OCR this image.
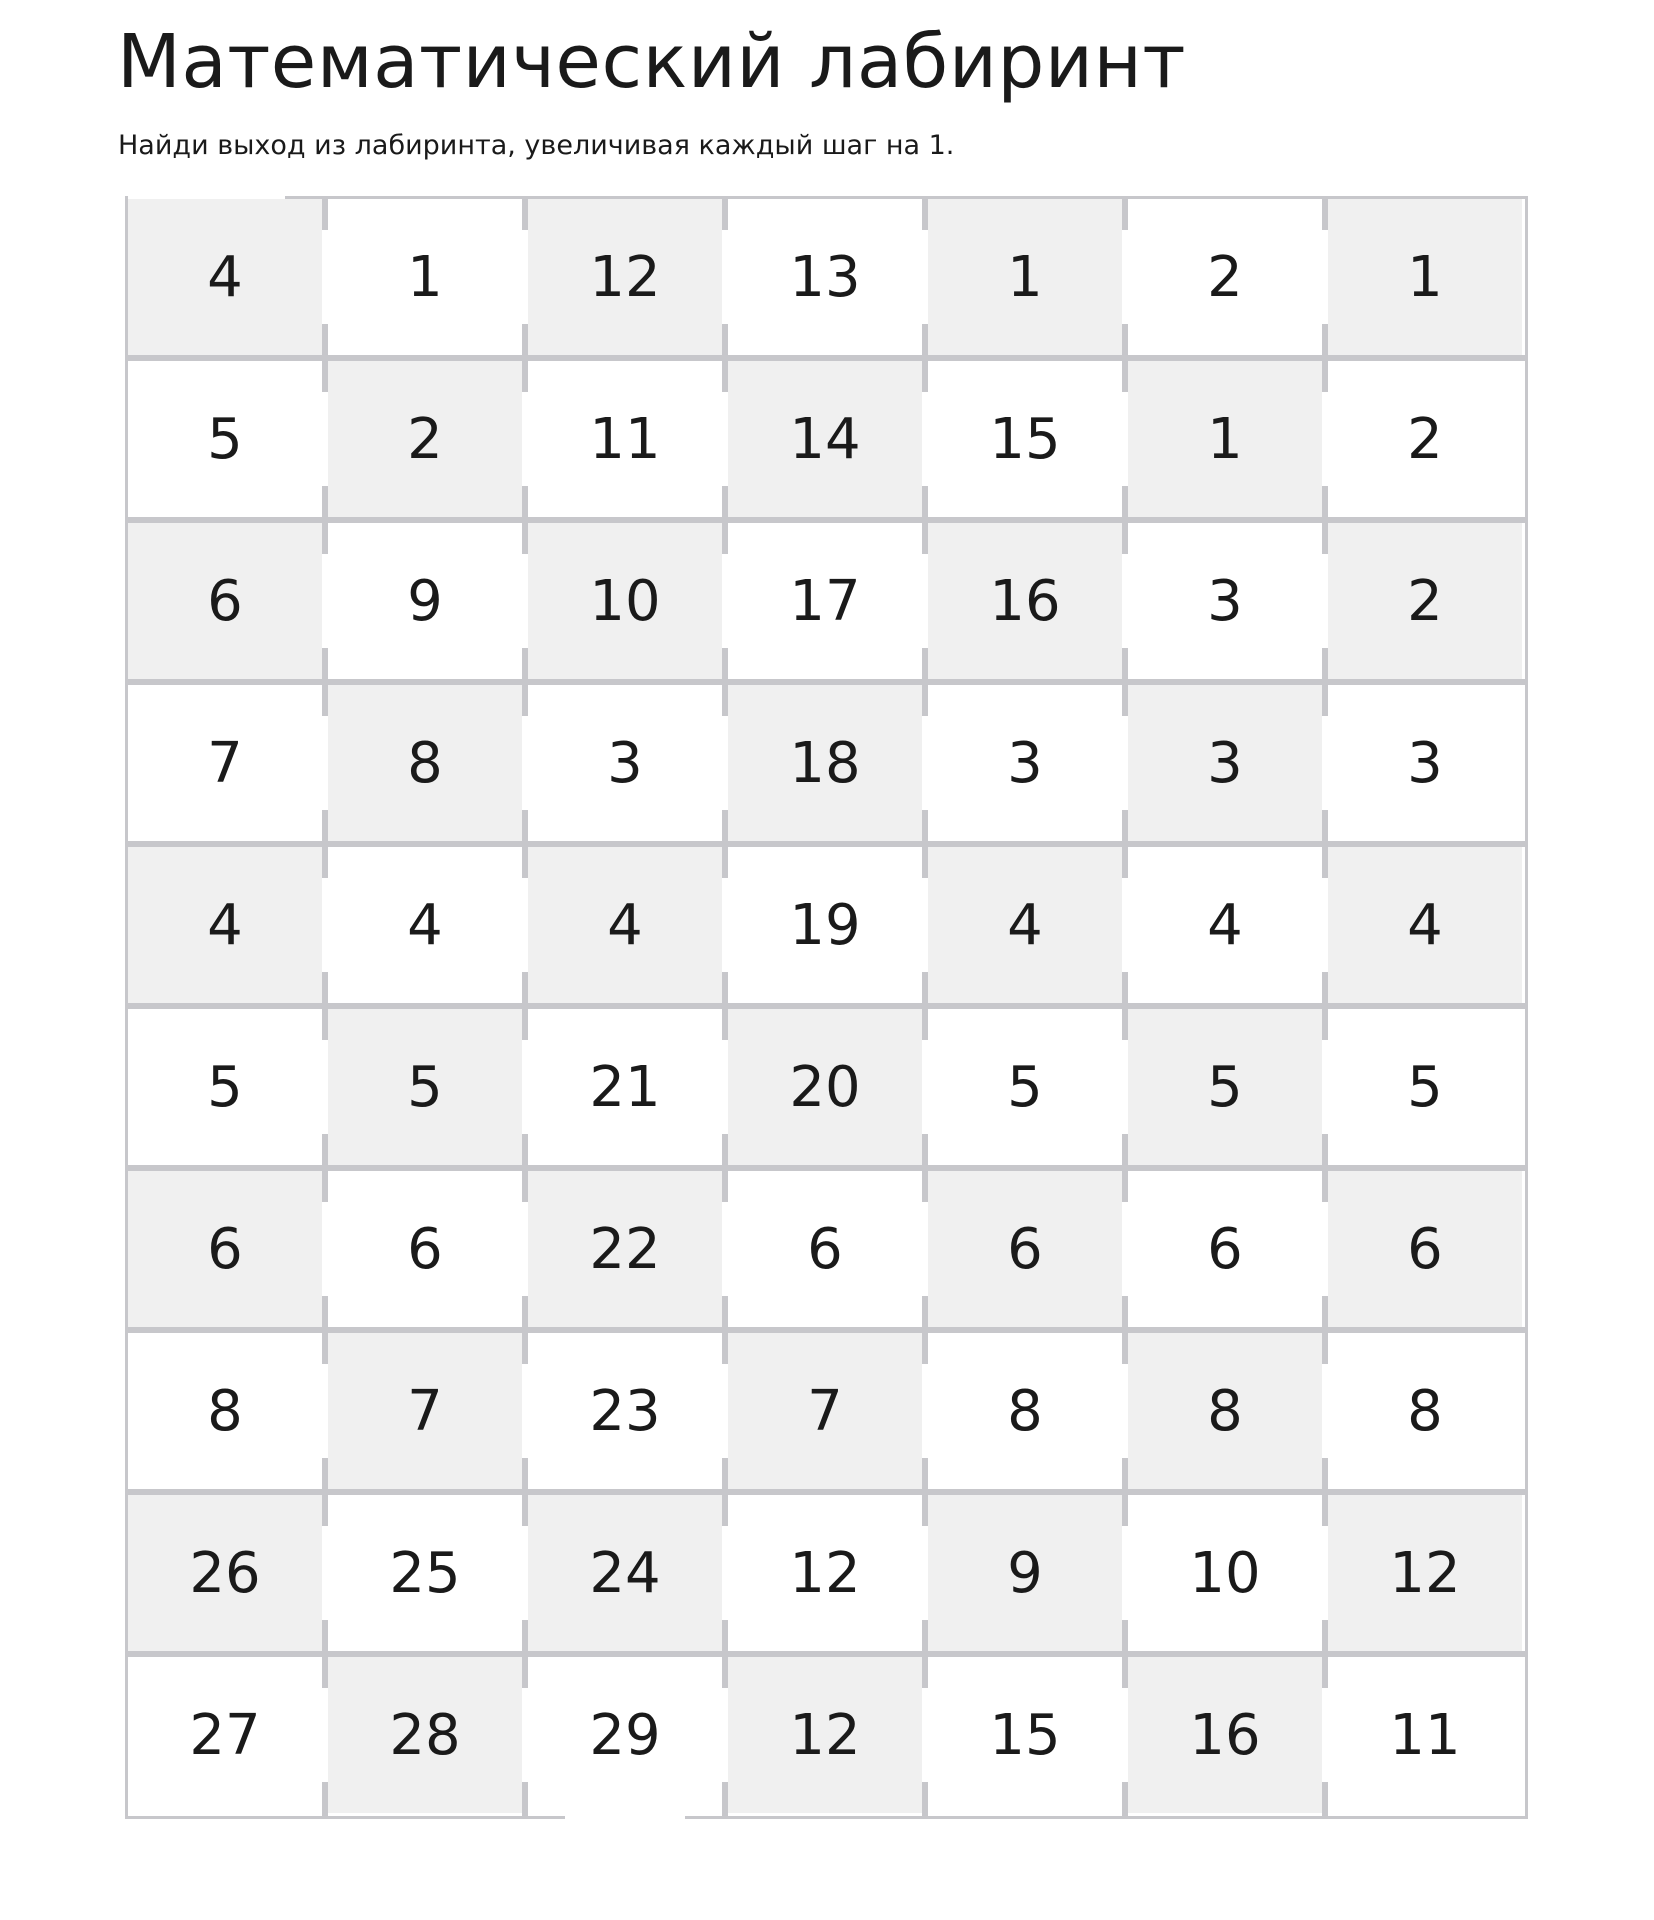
Математический лабиринт
Найди выход из лабиринта, увеличивая каждый шаг на 1.
4	1	12	13	1	2	1
5	2	11	14	15	1	2
6	9	10	17	16	3	2
7	8	3	18	3	3	3
4	4	4	19	4	4	4
5	5	21	20	5	5	5
6	6	22	6	6	6	6
8	7	23	7	8	8	8
26	25	24	12	9	10	12
27	28	29	12	15	16	11
